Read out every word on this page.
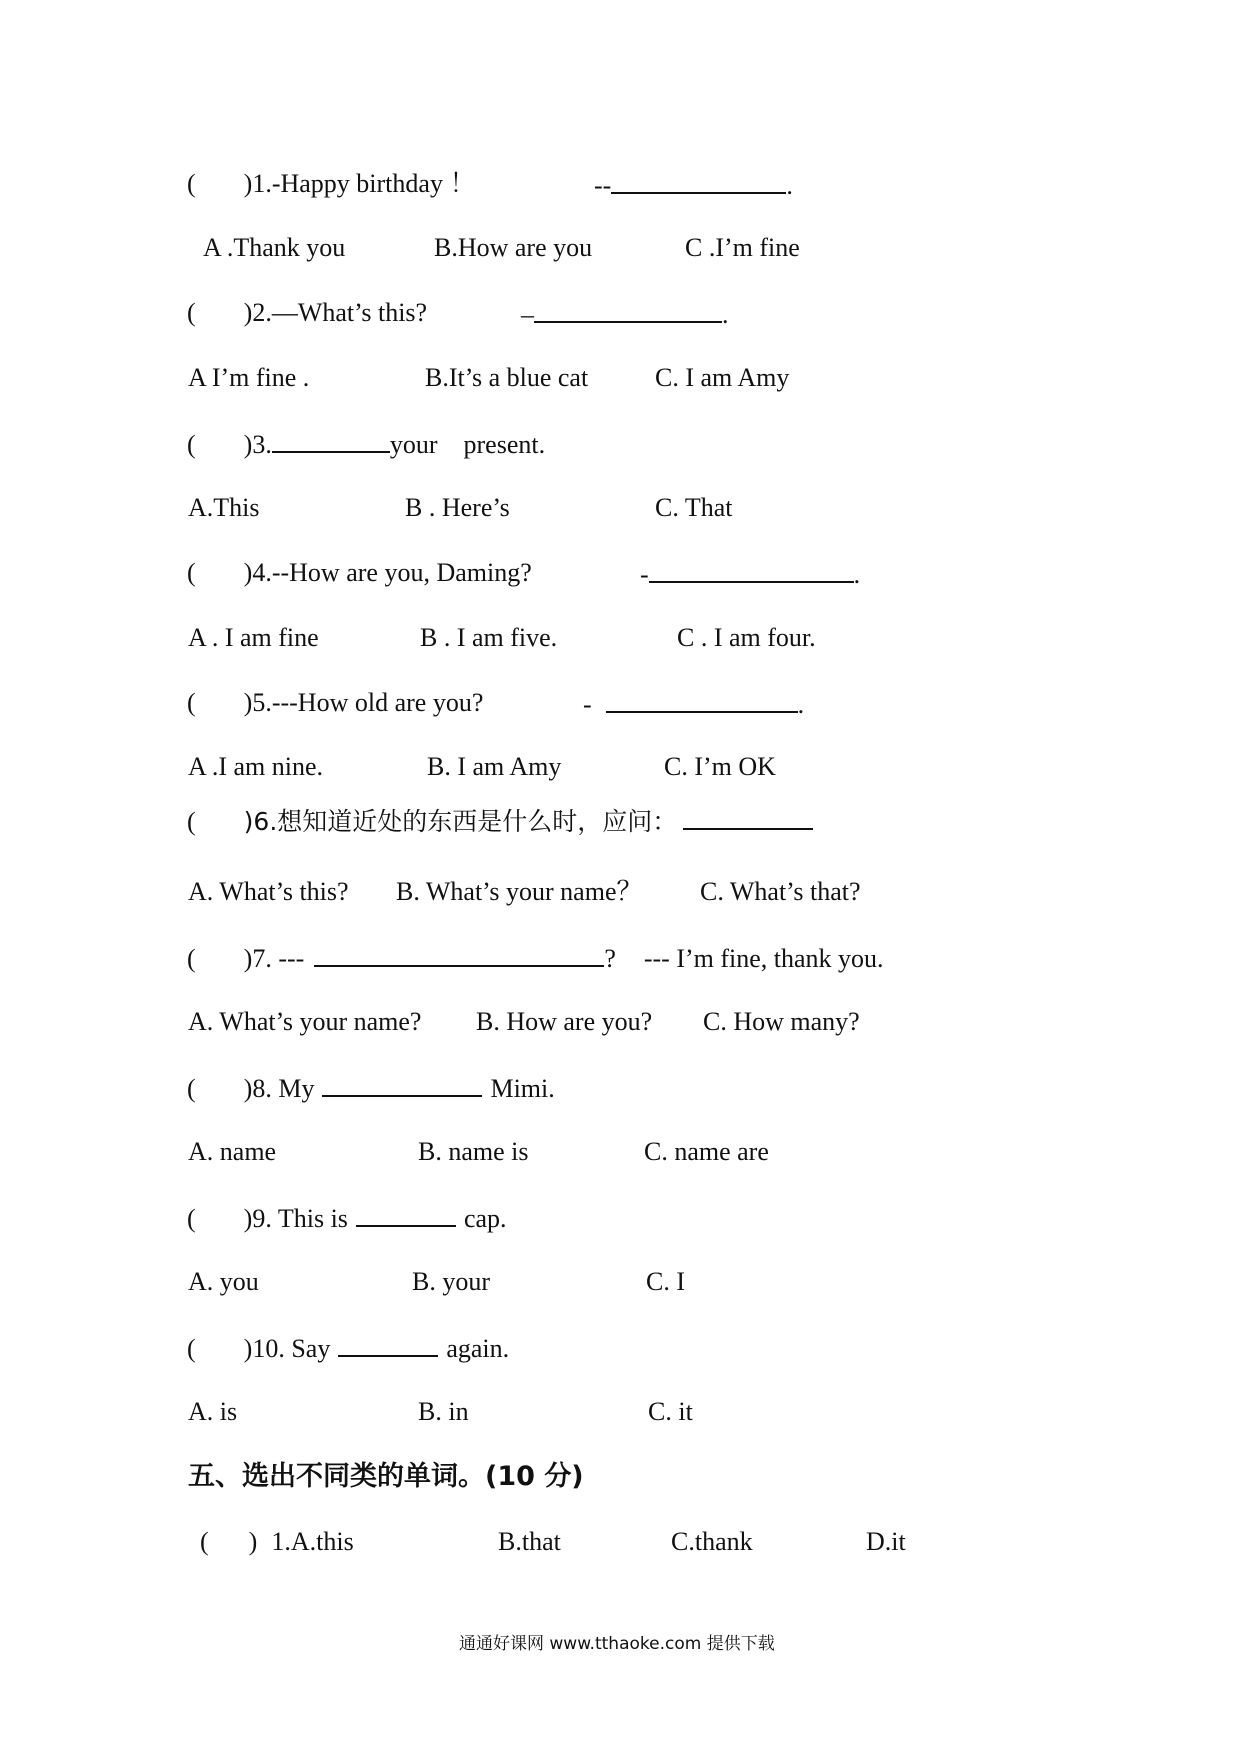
( )1.-Happy birthday ！	--	.
A .Thank you	B.How are you	C .I’m fine
( )2.—What’s this?	–	.
A I’m fine .	B.It’s a blue cat	C. I am Amy
( )3.	your    present.
A.This	B . Here’s	C. That
( )4.--How are you, Daming?	-	.
A . I am fine	B . I am five.	C . I am four.
( )5.---How old are you?	-	.
A .I am nine.	B. I am Amy	C. I’m OK
( )6.想知道近处的东西是什么时，应问：
A. What’s this? B. What’s your name？ C. What’s that?
( )7. ---	? --- I’m fine, thank you.
A. What’s your name? B. How are you? C. How many?
( )8. My	Mimi.
A. name	B. name is	C. name are
( )9. This is	cap.
A. you	B. your	C. I
( )10. Say	again.
A. is	B. in	C. it
五、选出不同类的单词。(10 分)
( ) 1.A.this	B.that	C.thank	D.it
通通好课网 www.tthaoke.com 提供下载
